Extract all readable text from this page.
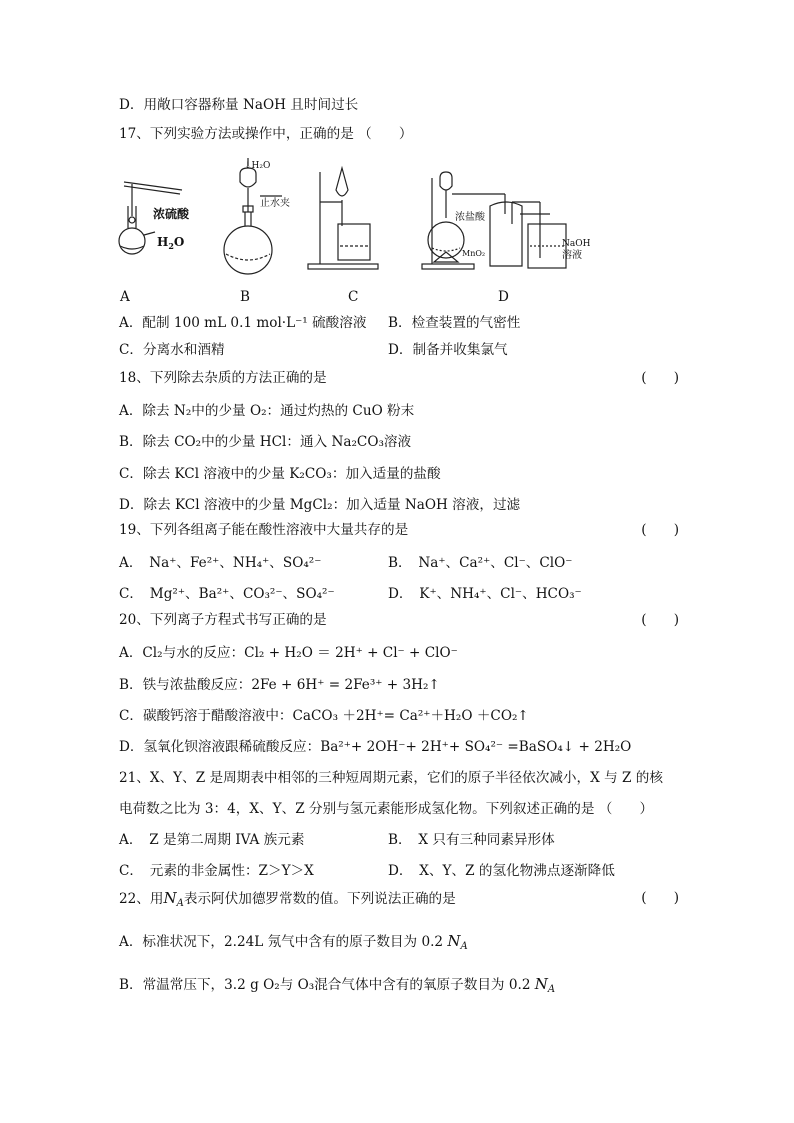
D．用敞口容器称量 NaOH 且时间过长
17、下列实验方法或操作中，正确的是 （　　）
浓硫酸
$H_2O$
↓H₂O
止水夹
浓盐酸
MnO₂
NaOH
溶液
A	B	C	D
A．配制 100 mL 0.1 mol·L⁻¹ 硫酸溶液 B．检查装置的气密性
C．分离水和酒精	D．制备并收集氯气
18、下列除去杂质的方法正确的是	(　　)
A．除去 N₂中的少量 O₂：通过灼热的 CuO 粉末
B．除去 CO₂中的少量 HCl：通入 Na₂CO₃溶液
C．除去 KCl 溶液中的少量 K₂CO₃：加入适量的盐酸
D．除去 KCl 溶液中的少量 MgCl₂：加入适量 NaOH 溶液，过滤
19、下列各组离子能在酸性溶液中大量共存的是	(　　)
A．　Na⁺、Fe²⁺、NH₄⁺、SO₄²⁻	B．　Na⁺、Ca²⁺、Cl⁻、ClO⁻
C．　Mg²⁺、Ba²⁺、CO₃²⁻、SO₄²⁻	D．　K⁺、NH₄⁺、Cl⁻、HCO₃⁻
20、下列离子方程式书写正确的是	(　　)
A．Cl₂与水的反应：Cl₂ + H₂O ＝ 2H⁺ + Cl⁻ + ClO⁻
B．铁与浓盐酸反应：2Fe + 6H⁺ = 2Fe³⁺ + 3H₂↑
C．碳酸钙溶于醋酸溶液中：CaCO₃ ＋2H⁺= Ca²⁺＋H₂O ＋CO₂↑
D．氢氧化钡溶液跟稀硫酸反应：Ba²⁺+ 2OH⁻+ 2H⁺+ SO₄²⁻ =BaSO₄↓ + 2H₂O
21、X、Y、Z 是周期表中相邻的三种短周期元素，它们的原子半径依次减小，X 与 Z 的核
电荷数之比为 3：4，X、Y、Z 分别与氢元素能形成氢化物。下列叙述正确的是 （　　）
A．　Z 是第二周期 IVA 族元素	B．　X 只有三种同素异形体
C．　元素的非金属性：Z＞Y＞X	D．　X、Y、Z 的氢化物沸点逐渐降低
22、用$N_A$表示阿伏加德罗常数的值。下列说法正确的是	(　　)
A．标准状况下，2.24L 氖气中含有的原子数目为 0.2 $N_A$
B．常温常压下，3.2 g O₂与 O₃混合气体中含有的氧原子数目为 0.2 $N_A$
